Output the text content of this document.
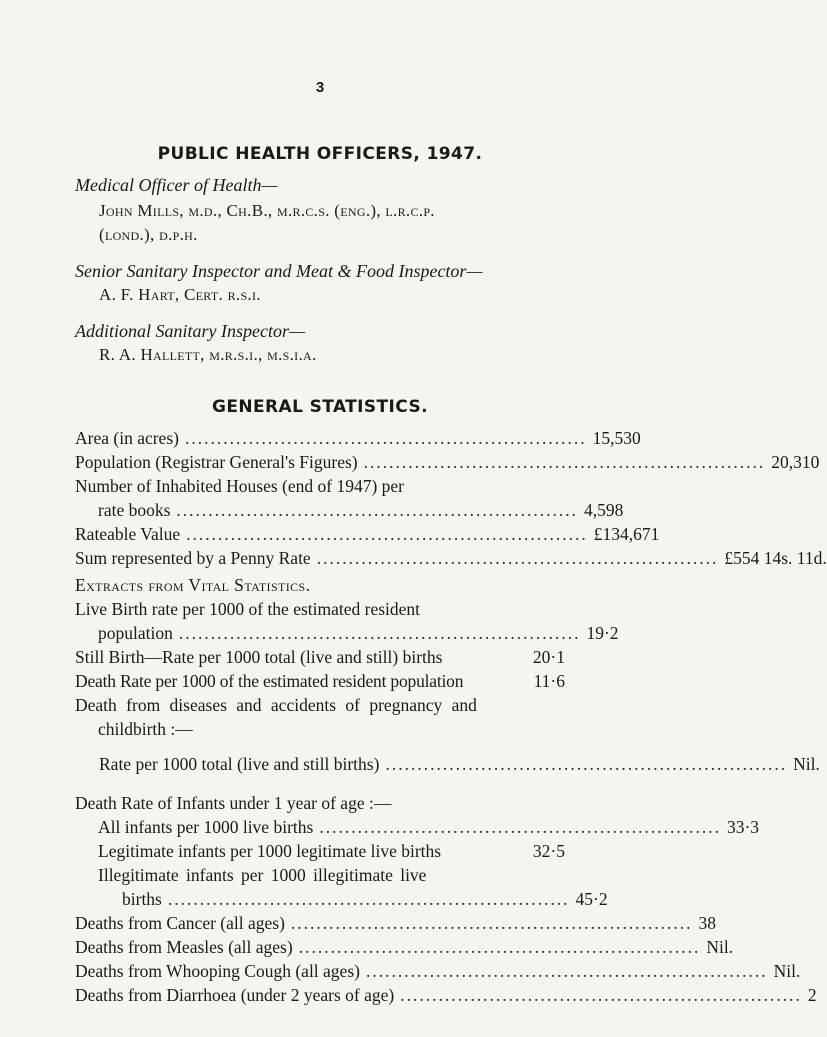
3
PUBLIC HEALTH OFFICERS, 1947.
Medical Officer of Health—
John Mills, m.d., Ch.B., m.r.c.s. (eng.), l.r.c.p.
(lond.), d.p.h.
Senior Sanitary Inspector and Meat & Food Inspector—
A. F. Hart, Cert. r.s.i.
Additional Sanitary Inspector—
R. A. Hallett, m.r.s.i., m.s.i.a.
GENERAL STATISTICS.
Area (in acres) ............................................................... 15,530
Population (Registrar General's Figures) ............................................................... 20,310
Number of Inhabited Houses (end of 1947) per
rate books ............................................................... 4,598
Rateable Value ............................................................... £134,671
Sum represented by a Penny Rate ............................................................... £554 14s. 11d.
Extracts from Vital Statistics.
Live Birth rate per 1000 of the estimated resident
population ............................................................... 19·2
Still Birth—Rate per 1000 total (live and still) births	20·1
Death Rate per 1000 of the estimated resident population	11·6
Death from diseases and accidents of pregnancy and
childbirth :—
Rate per 1000 total (live and still births) ............................................................... Nil.
Death Rate of Infants under 1 year of age :—
All infants per 1000 live births ............................................................... 33·3
Legitimate infants per 1000 legitimate live births	32·5
Illegitimate infants per 1000 illegitimate live
births ............................................................... 45·2
Deaths from Cancer (all ages) ............................................................... 38
Deaths from Measles (all ages) ............................................................... Nil.
Deaths from Whooping Cough (all ages) ............................................................... Nil.
Deaths from Diarrhoea (under 2 years of age) ............................................................... 2
